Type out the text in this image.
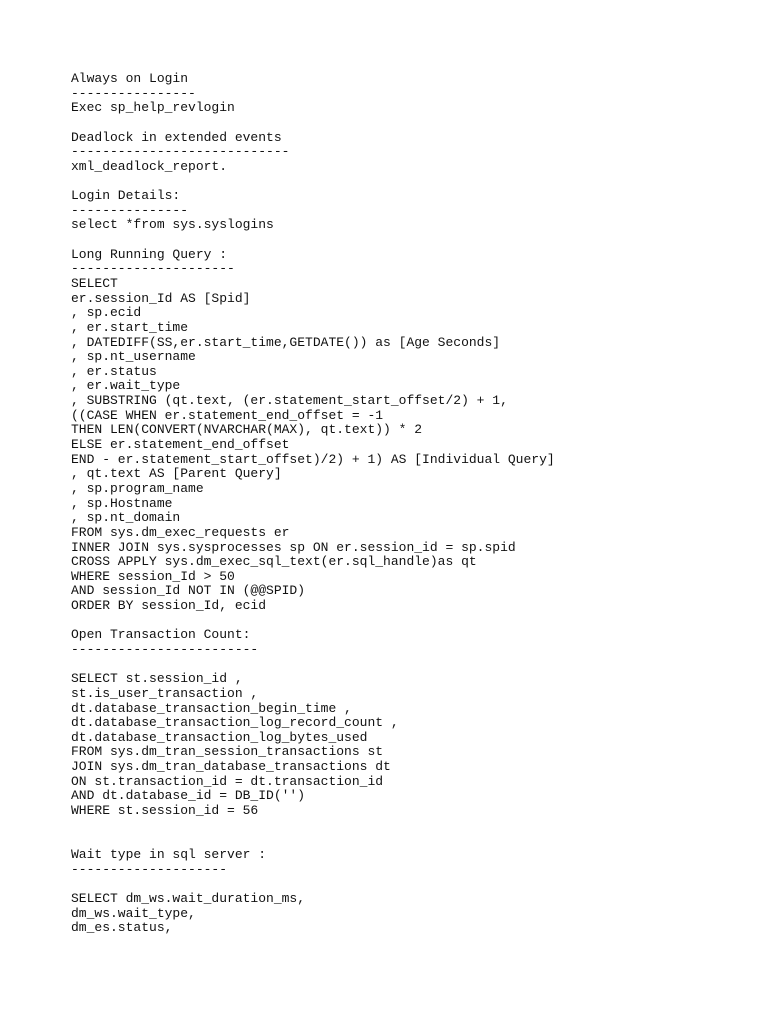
Always on Login
----------------
Exec sp_help_revlogin
Deadlock in extended events
----------------------------
xml_deadlock_report.
Login Details:
---------------
select *from sys.syslogins
Long Running Query :
---------------------
SELECT
er.session_Id AS [Spid]
, sp.ecid
, er.start_time
, DATEDIFF(SS,er.start_time,GETDATE()) as [Age Seconds]
, sp.nt_username
, er.status
, er.wait_type
, SUBSTRING (qt.text, (er.statement_start_offset/2) + 1,
((CASE WHEN er.statement_end_offset = -1
THEN LEN(CONVERT(NVARCHAR(MAX), qt.text)) * 2
ELSE er.statement_end_offset
END - er.statement_start_offset)/2) + 1) AS [Individual Query]
, qt.text AS [Parent Query]
, sp.program_name
, sp.Hostname
, sp.nt_domain
FROM sys.dm_exec_requests er
INNER JOIN sys.sysprocesses sp ON er.session_id = sp.spid
CROSS APPLY sys.dm_exec_sql_text(er.sql_handle)as qt
WHERE session_Id > 50
AND session_Id NOT IN (@@SPID)
ORDER BY session_Id, ecid
Open Transaction Count:
------------------------
SELECT st.session_id ,
st.is_user_transaction ,
dt.database_transaction_begin_time ,
dt.database_transaction_log_record_count ,
dt.database_transaction_log_bytes_used
FROM sys.dm_tran_session_transactions st
JOIN sys.dm_tran_database_transactions dt
ON st.transaction_id = dt.transaction_id
AND dt.database_id = DB_ID('')
WHERE st.session_id = 56
Wait type in sql server :
--------------------
SELECT dm_ws.wait_duration_ms,
dm_ws.wait_type,
dm_es.status,
